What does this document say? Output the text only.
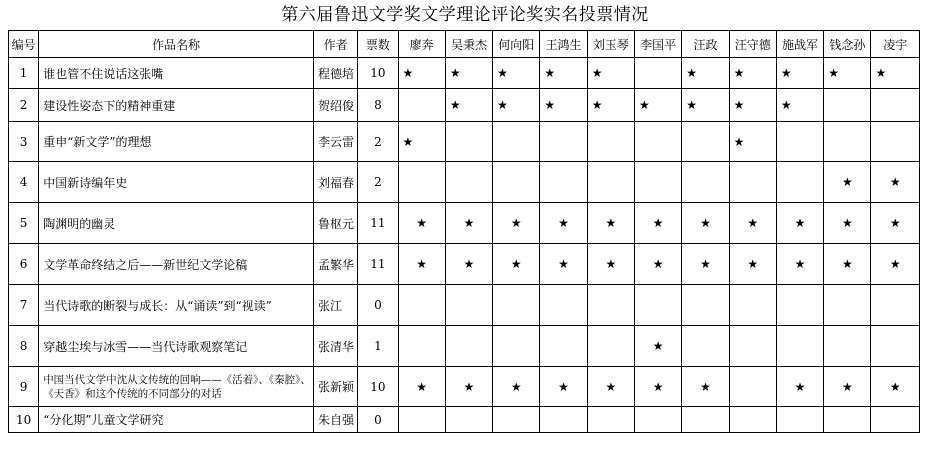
第六届鲁迅文学奖文学理论评论奖实名投票情况
编号	作品名称	作者	票数	廖奔	吴秉杰	何向阳	王鸿生	刘玉琴	李国平	汪政	汪守德	施战军	钱念孙	凌宇
1	谁也管不住说话这张嘴	程德培	10	★	★	★	★	★		★	★	★	★	★
2	建设性姿态下的精神重建	贺绍俊	8		★	★	★	★	★	★	★	★		
3	重申“新文学”的理想	李云雷	2	★							★			
4	中国新诗编年史	刘福春	2										★	★
5	陶渊明的幽灵	鲁枢元	11	★	★	★	★	★	★	★	★	★	★	★
6	文学革命终结之后——新世纪文学论稿	孟繁华	11	★	★	★	★	★	★	★	★	★	★	★
7	当代诗歌的断裂与成长：从“诵读”到“视读”	张江	0											
8	穿越尘埃与冰雪——当代诗歌观察笔记	张清华	1						★					
9	中国当代文学中沈从文传统的回响——《活着》、《秦腔》、《天香》和这个传统的不同部分的对话	张新颖	10	★	★	★	★	★	★	★		★	★	★
10	“分化期”儿童文学研究	朱自强	0											
